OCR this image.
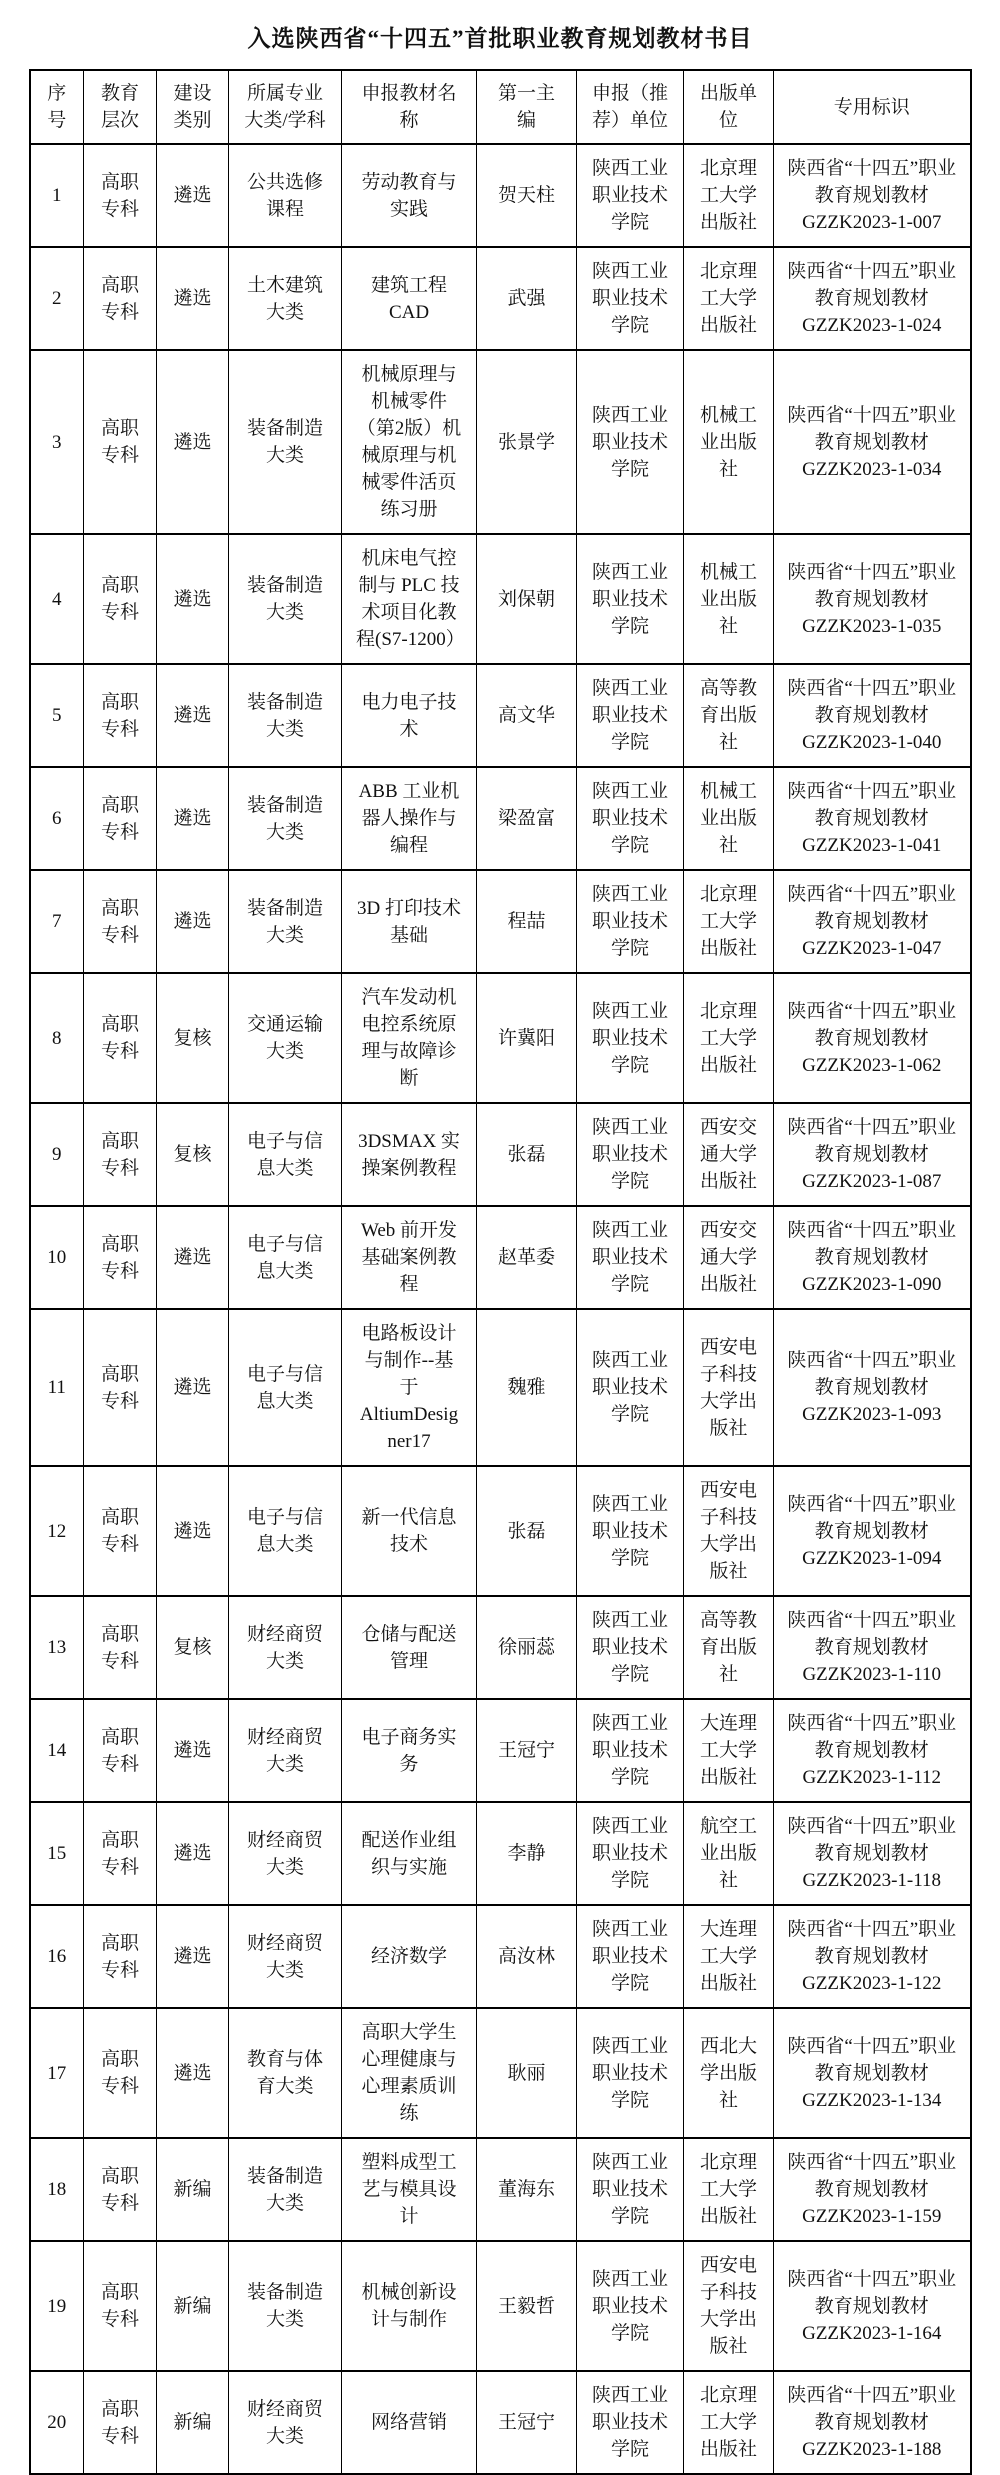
入选陕西省“十四五”首批职业教育规划教材书目
序号	教育层次	建设类别	所属专业大类/学科	申报教材名称	第一主编	申报（推荐）单位	出版单位	专用标识
1	高职专科	遴选	公共选修课程	劳动教育与实践	贺天柱	陕西工业职业技术学院	北京理工大学出版社	陕西省“十四五”职业教育规划教材
GZZK2023-1-007

2	高职专科	遴选	土木建筑大类	建筑工程 CAD	武强	陕西工业职业技术学院	北京理工大学出版社	陕西省“十四五”职业教育规划教材
GZZK2023-1-024

3	高职专科	遴选	装备制造大类	机械原理与机械零件（第2版）机械原理与机械零件活页练习册	张景学	陕西工业职业技术学院	机械工业出版社	陕西省“十四五”职业教育规划教材
GZZK2023-1-034

4	高职专科	遴选	装备制造大类	机床电气控制与 PLC 技术项目化教程(S7-1200）	刘保朝	陕西工业职业技术学院	机械工业出版社	陕西省“十四五”职业教育规划教材
GZZK2023-1-035

5	高职专科	遴选	装备制造大类	电力电子技术	高文华	陕西工业职业技术学院	高等教育出版社	陕西省“十四五”职业教育规划教材
GZZK2023-1-040

6	高职专科	遴选	装备制造大类	ABB 工业机器人操作与编程	梁盈富	陕西工业职业技术学院	机械工业出版社	陕西省“十四五”职业教育规划教材
GZZK2023-1-041

7	高职专科	遴选	装备制造大类	3D 打印技术基础	程喆	陕西工业职业技术学院	北京理工大学出版社	陕西省“十四五”职业教育规划教材
GZZK2023-1-047

8	高职专科	复核	交通运输大类	汽车发动机电控系统原理与故障诊断	许冀阳	陕西工业职业技术学院	北京理工大学出版社	陕西省“十四五”职业教育规划教材
GZZK2023-1-062

9	高职专科	复核	电子与信息大类	3DSMAX 实操案例教程	张磊	陕西工业职业技术学院	西安交通大学出版社	陕西省“十四五”职业教育规划教材
GZZK2023-1-087

10	高职专科	遴选	电子与信息大类	Web 前开发基础案例教程	赵革委	陕西工业职业技术学院	西安交通大学出版社	陕西省“十四五”职业教育规划教材
GZZK2023-1-090

11	高职专科	遴选	电子与信息大类	电路板设计与制作--基于AltiumDesigner17	魏雅	陕西工业职业技术学院	西安电子科技大学出版社	陕西省“十四五”职业教育规划教材
GZZK2023-1-093

12	高职专科	遴选	电子与信息大类	新一代信息技术	张磊	陕西工业职业技术学院	西安电子科技大学出版社	陕西省“十四五”职业教育规划教材
GZZK2023-1-094

13	高职专科	复核	财经商贸大类	仓储与配送管理	徐丽蕊	陕西工业职业技术学院	高等教育出版社	陕西省“十四五”职业教育规划教材
GZZK2023-1-110

14	高职专科	遴选	财经商贸大类	电子商务实务	王冠宁	陕西工业职业技术学院	大连理工大学出版社	陕西省“十四五”职业教育规划教材
GZZK2023-1-112

15	高职专科	遴选	财经商贸大类	配送作业组织与实施	李静	陕西工业职业技术学院	航空工业出版社	陕西省“十四五”职业教育规划教材
GZZK2023-1-118

16	高职专科	遴选	财经商贸大类	经济数学	高汝林	陕西工业职业技术学院	大连理工大学出版社	陕西省“十四五”职业教育规划教材
GZZK2023-1-122

17	高职专科	遴选	教育与体育大类	高职大学生心理健康与心理素质训练	耿丽	陕西工业职业技术学院	西北大学出版社	陕西省“十四五”职业教育规划教材
GZZK2023-1-134

18	高职专科	新编	装备制造大类	塑料成型工艺与模具设计	董海东	陕西工业职业技术学院	北京理工大学出版社	陕西省“十四五”职业教育规划教材
GZZK2023-1-159

19	高职专科	新编	装备制造大类	机械创新设计与制作	王毅哲	陕西工业职业技术学院	西安电子科技大学出版社	陕西省“十四五”职业教育规划教材
GZZK2023-1-164

20	高职专科	新编	财经商贸大类	网络营销	王冠宁	陕西工业职业技术学院	北京理工大学出版社	陕西省“十四五”职业教育规划教材
GZZK2023-1-188
